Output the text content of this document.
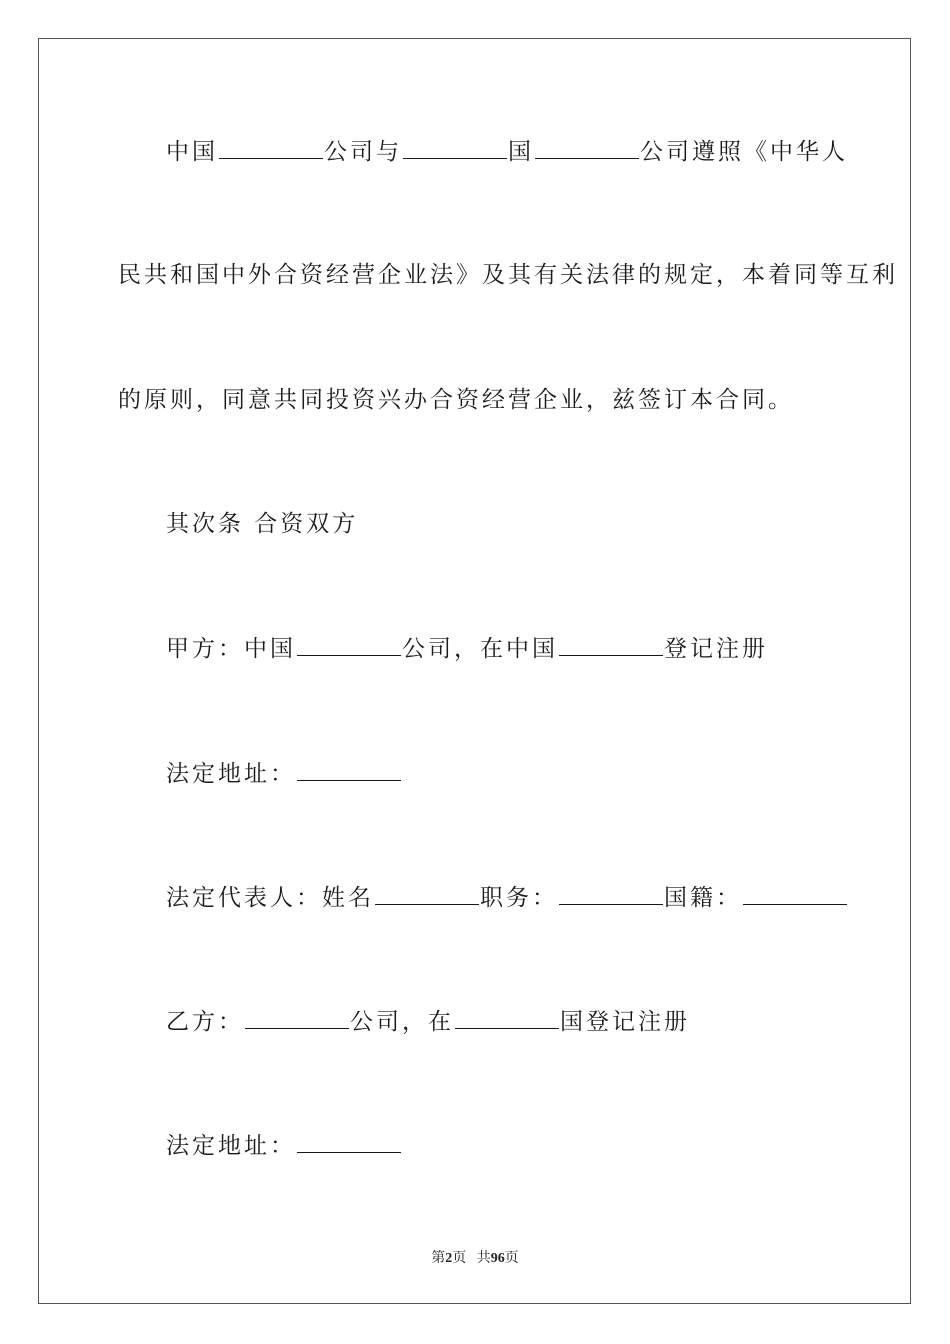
中国	公司与	国	公司遵照《中华人
民共和国中外合资经营企业法》及其有关法律的规定，本着同等互利
的原则，同意共同投资兴办合资经营企业，兹签订本合同。
其次条 合资双方
甲方：中国	公司，在中国	登记注册
法定地址：
法定代表人：姓名	职务：	国籍：
乙方：	公司，在	国登记注册
法定地址：
第2页 共96页
